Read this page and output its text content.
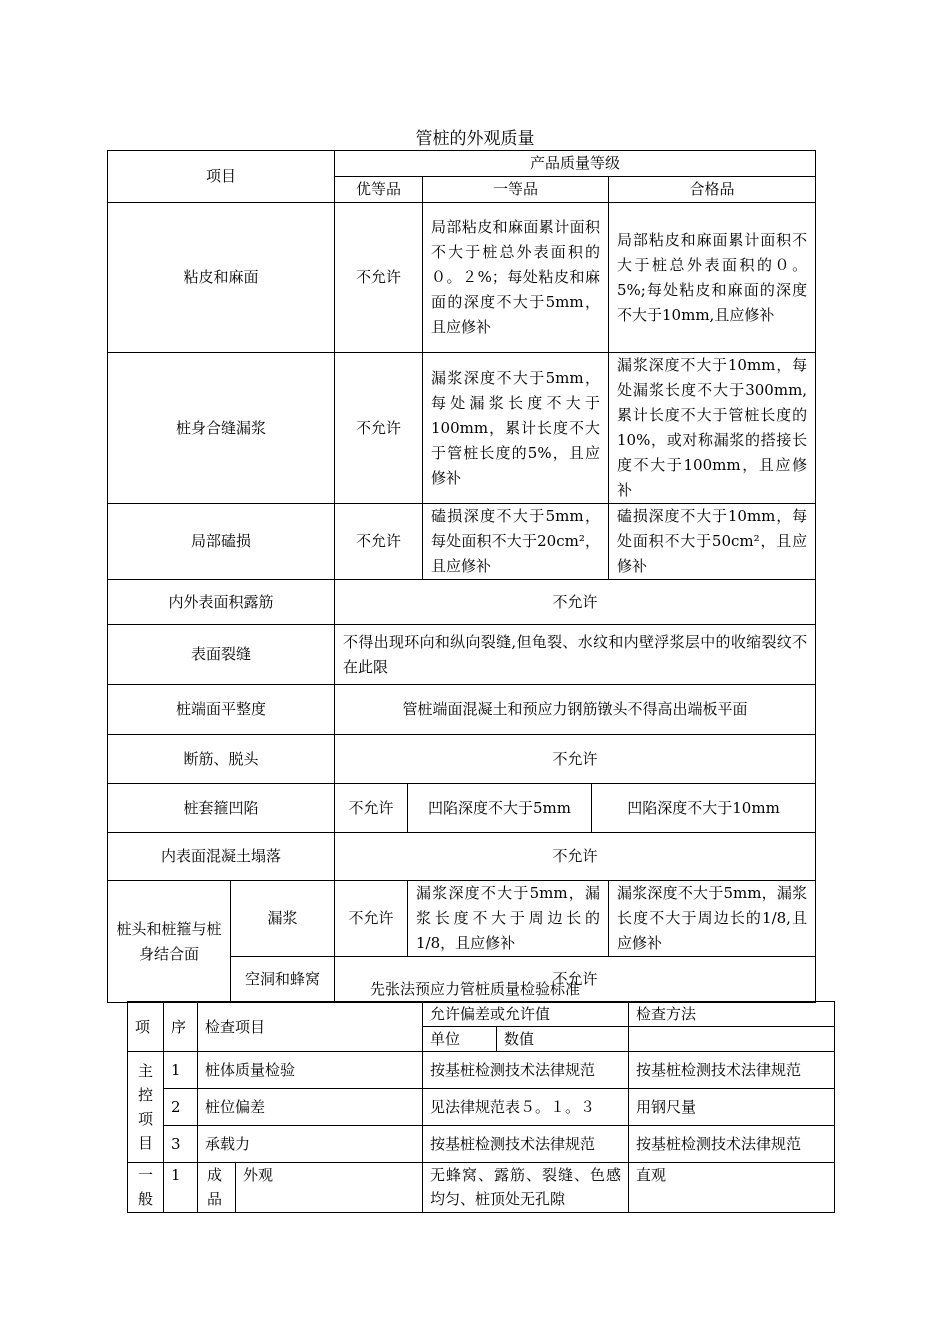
管桩的外观质量
项目		产品质量等级				
		优等品		一等品		合格品
粘皮和麻面		不允许		局部粘皮和麻面累计面积不大于桩总外表面积的０。２%；每处粘皮和麻面的深度不大于5mm，且应修补		局部粘皮和麻面累计面积不大于桩总外表面积的０。5%;每处粘皮和麻面的深度不大于10mm,且应修补
桩身合缝漏浆		不允许		漏浆深度不大于5mm，每处漏浆长度不大于100mm，累计长度不大于管桩长度的5%，且应修补		漏浆深度不大于10mm，每处漏浆长度不大于300mm,累计长度不大于管桩长度的10%，或对称漏浆的搭接长度不大于100mm，且应修补
局部磕损		不允许		磕损深度不大于5mm，每处面积不大于20cm²，且应修补		磕损深度不大于10mm，每处面积不大于50cm²，且应修补
内外表面积露筋		不允许				
表面裂缝		不得出现环向和纵向裂缝,但龟裂、水纹和内壁浮浆层中的收缩裂纹不在此限				
桩端面平整度		管桩端面混凝土和预应力钢筋镦头不得高出端板平面				
断筋、脱头		不允许				
桩套箍凹陷		不允许	凹陷深度不大于5mm		凹陷深度不大于10mm	
内表面混凝土塌落		不允许				
桩头和桩箍与桩身结合面	漏浆	不允许	漏浆深度不大于5mm，漏浆长度不大于周边长的1/8，且应修补			漏浆深度不大于5mm，漏浆长度不大于周边长的1/8,且应修补
	空洞和蜂窝	不允许				
先张法预应力管桩质量检验标准
项	序	检查项目		允许偏差或允许值		检查方法
				单位	数值	
主控项目	1	桩体质量检验		按基桩检测技术法律规范		按基桩检测技术法律规范
	2	桩位偏差		见法律规范表５。１。３		用钢尺量
	3	承载力		按基桩检测技术法律规范		按基桩检测技术法律规范
一般	1	成品	外观	无蜂窝、露筋、裂缝、色感均匀、桩顶处无孔隙		直观
